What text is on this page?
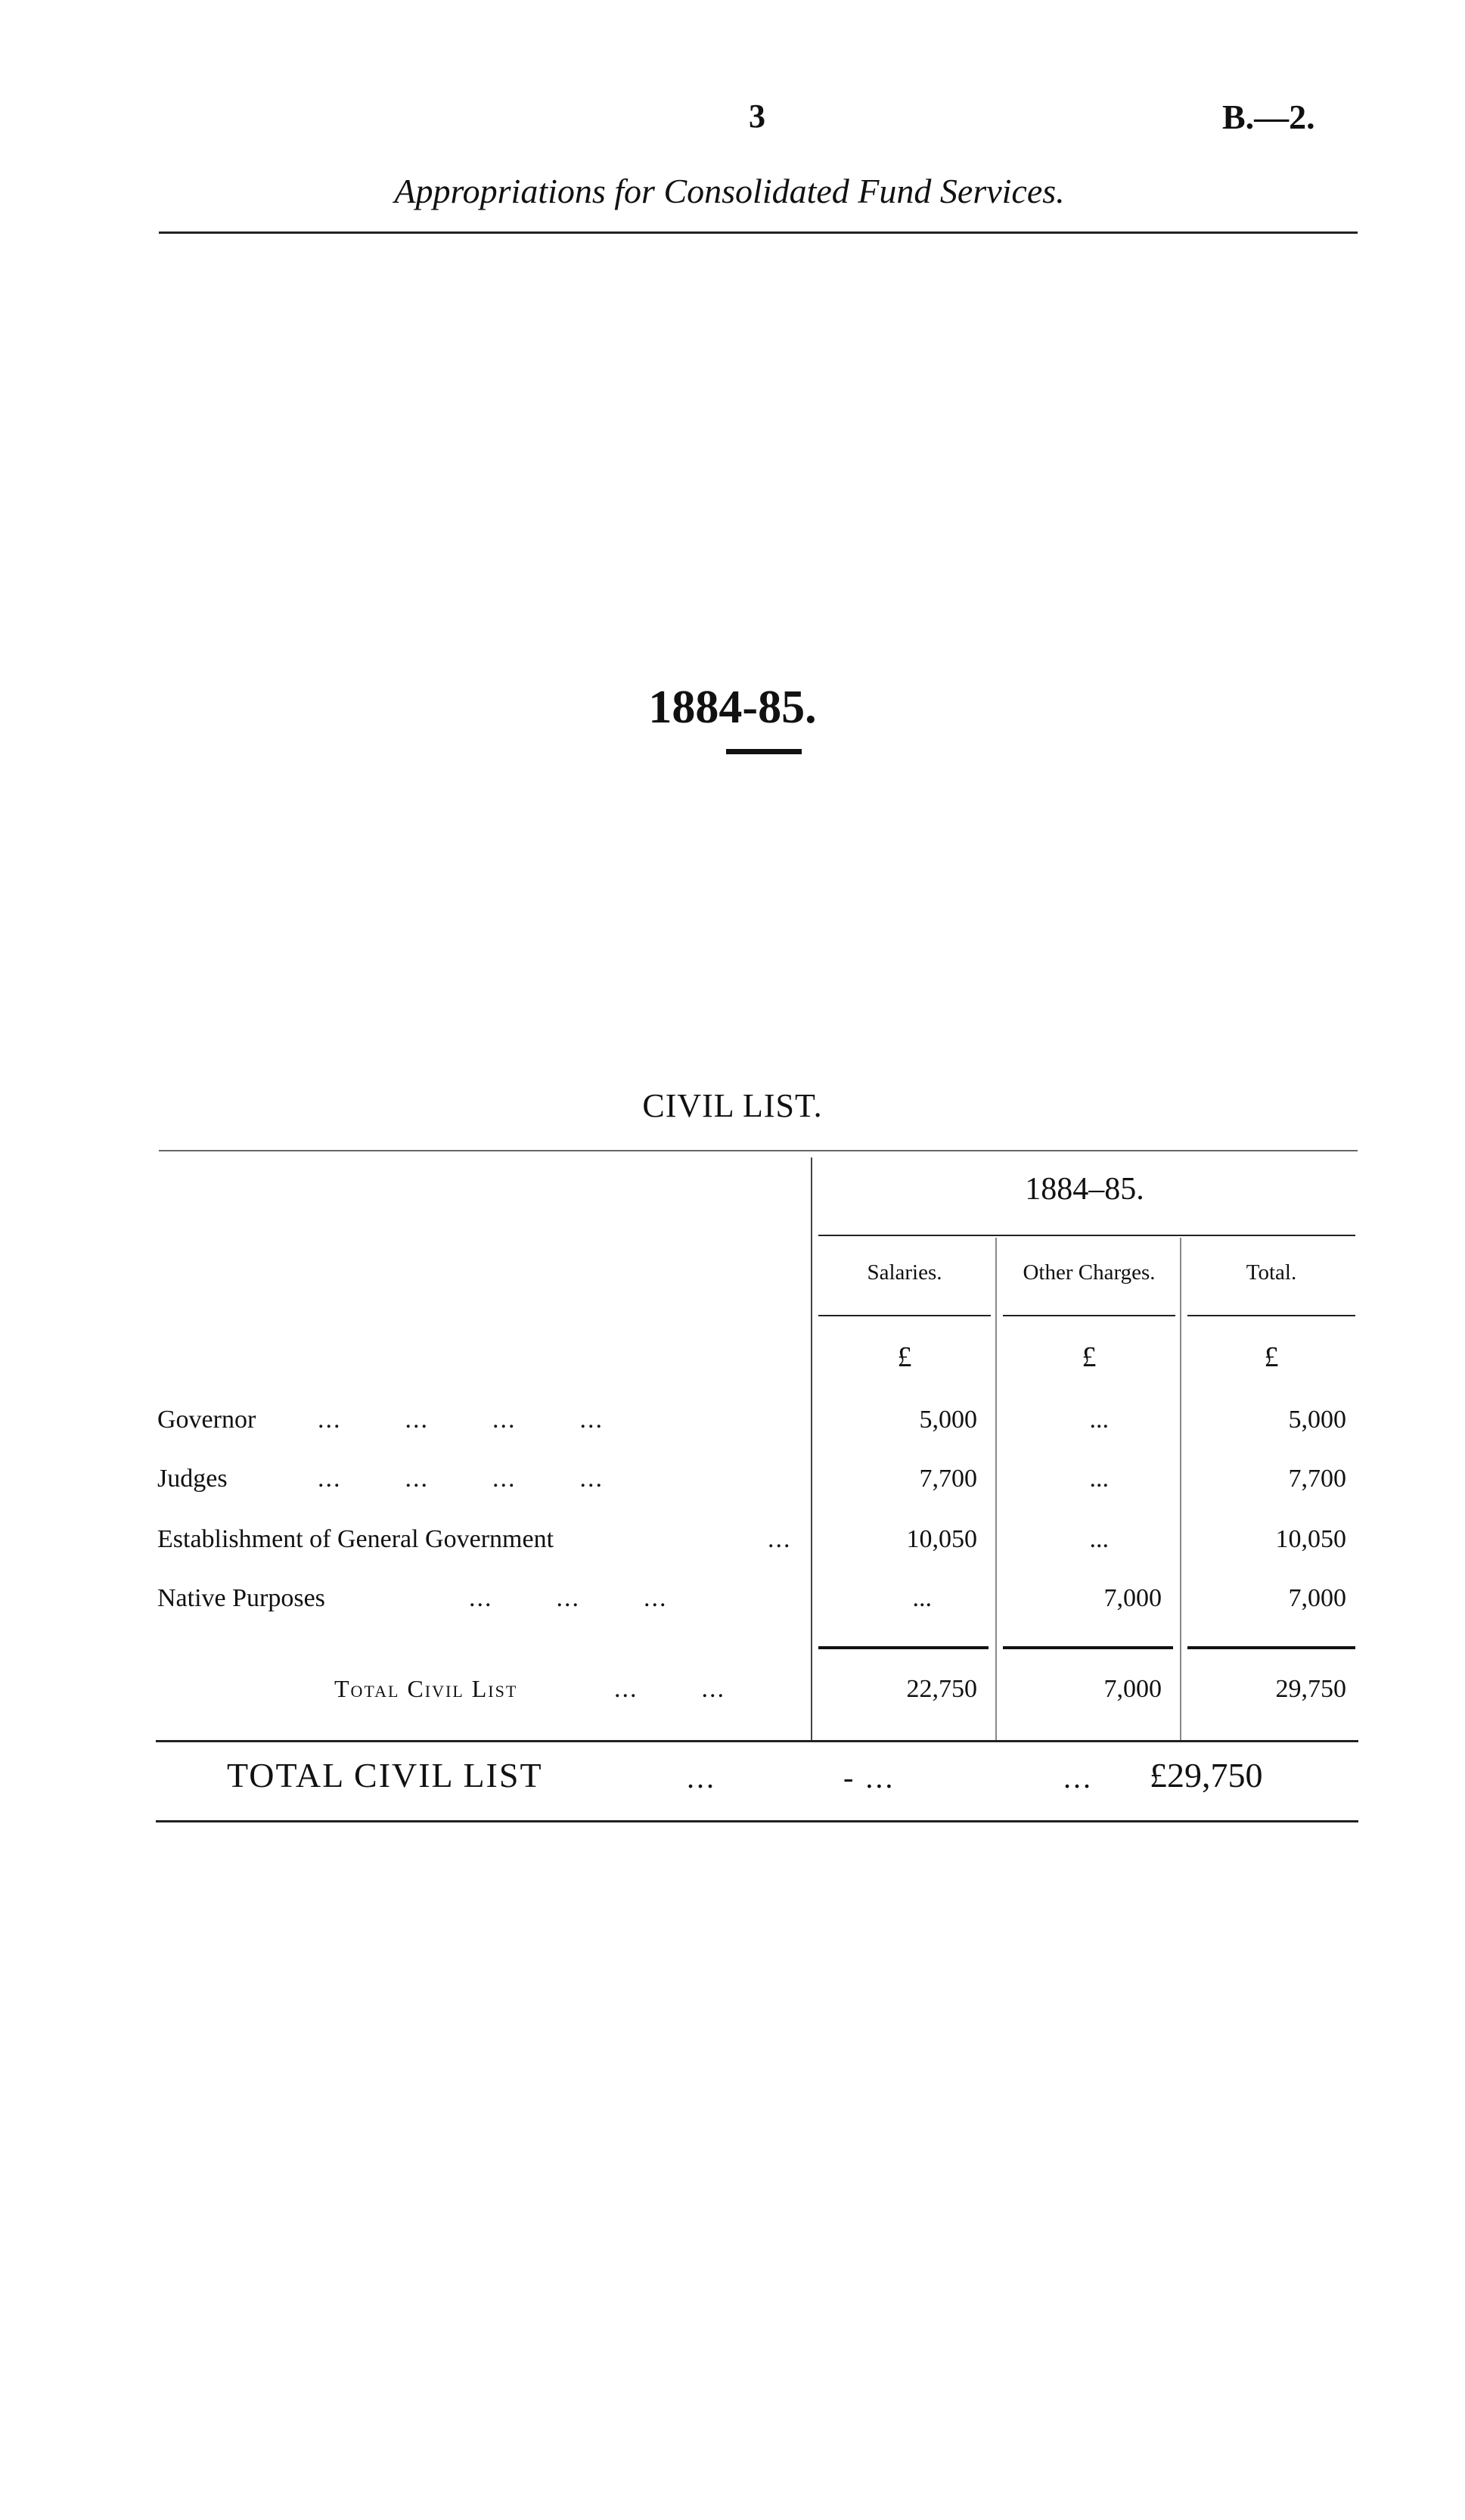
3	B.—2.
Appropriations for Consolidated Fund Services.
1884-85.
CIVIL LIST.
1884–85.
Salaries.	Other Charges.	Total.
£	£	£
Governor ...        ...        ...        ...	5,000	...	5,000
Judges	...        ...        ...        ...	7,700	...	7,700
Establishment of General Government	...	10,050	...	10,050
Native Purposes	...        ...        ...	...	7,000	7,000
Total Civil List	...        ...	22,750	7,000	29,750
TOTAL CIVIL LIST	...	- ...	... £29,750
